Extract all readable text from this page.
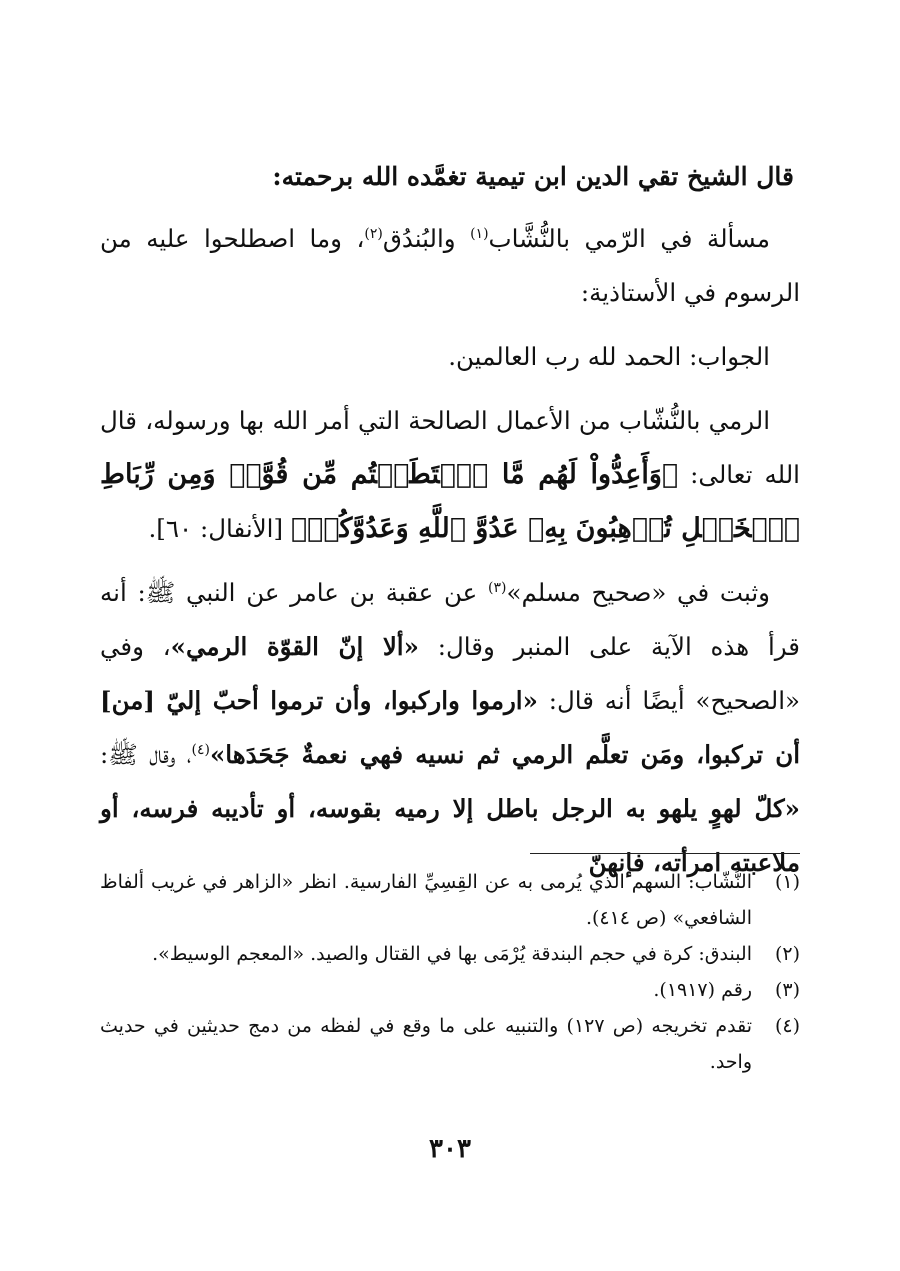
قال الشيخ تقي الدين ابن تيمية تغمَّده الله برحمته:

مسألة في الرّمي بالنُّشَّاب$^{(١)}$ والبُندُق$^{(٢)}$، وما اصطلحوا عليه من الرسوم في الأستاذية:

الجواب: الحمد لله رب العالمين.

الرمي بالنُّشّاب من الأعمال الصالحة التي أمر الله بها ورسوله، قال الله تعالى: ﴿وَأَعِدُّواْ لَهُم مَّا ٱسۡتَطَعۡتُم مِّن قُوَّةٖ وَمِن رِّبَاطِ ٱلۡخَيۡلِ تُرۡهِبُونَ بِهِۦ عَدُوَّ ٱللَّهِ وَعَدُوَّكُمۡ﴾ [الأنفال: ٦٠].

وثبت في «صحيح مسلم»$^{(٣)}$ عن عقبة بن عامر عن النبي ﷺ: أنه قرأ هذه الآية على المنبر وقال: «ألا إنّ القوّة الرمي»، وفي «الصحيح» أيضًا أنه قال: «ارموا واركبوا، وأن ترموا أحبّ إليّ [من] أن تركبوا، ومَن تعلَّم الرمي ثم نسيه فهي نعمةٌ جَحَدَها»$^{(٤)}$، وقال ﷺ: «كلّ لهوٍ يلهو به الرجل باطل إلا رميه بقوسه، أو تأديبه فرسه، أو ملاعبته امرأته، فإنهنّ

(١)
النُّشّاب: السهم الذي يُرمى به عن القِسِيِّ الفارسية. انظر «الزاهر في غريب ألفاظ الشافعي» (ص ٤١٤).
(٢)
البندق: كرة في حجم البندقة يُرْمَى بها في القتال والصيد. «المعجم الوسيط».
(٣)
رقم (١٩١٧).
(٤)
تقدم تخريجه (ص ١٢٧) والتنبيه على ما وقع في لفظه من دمج حديثين في حديث واحد.
٣٠٣
